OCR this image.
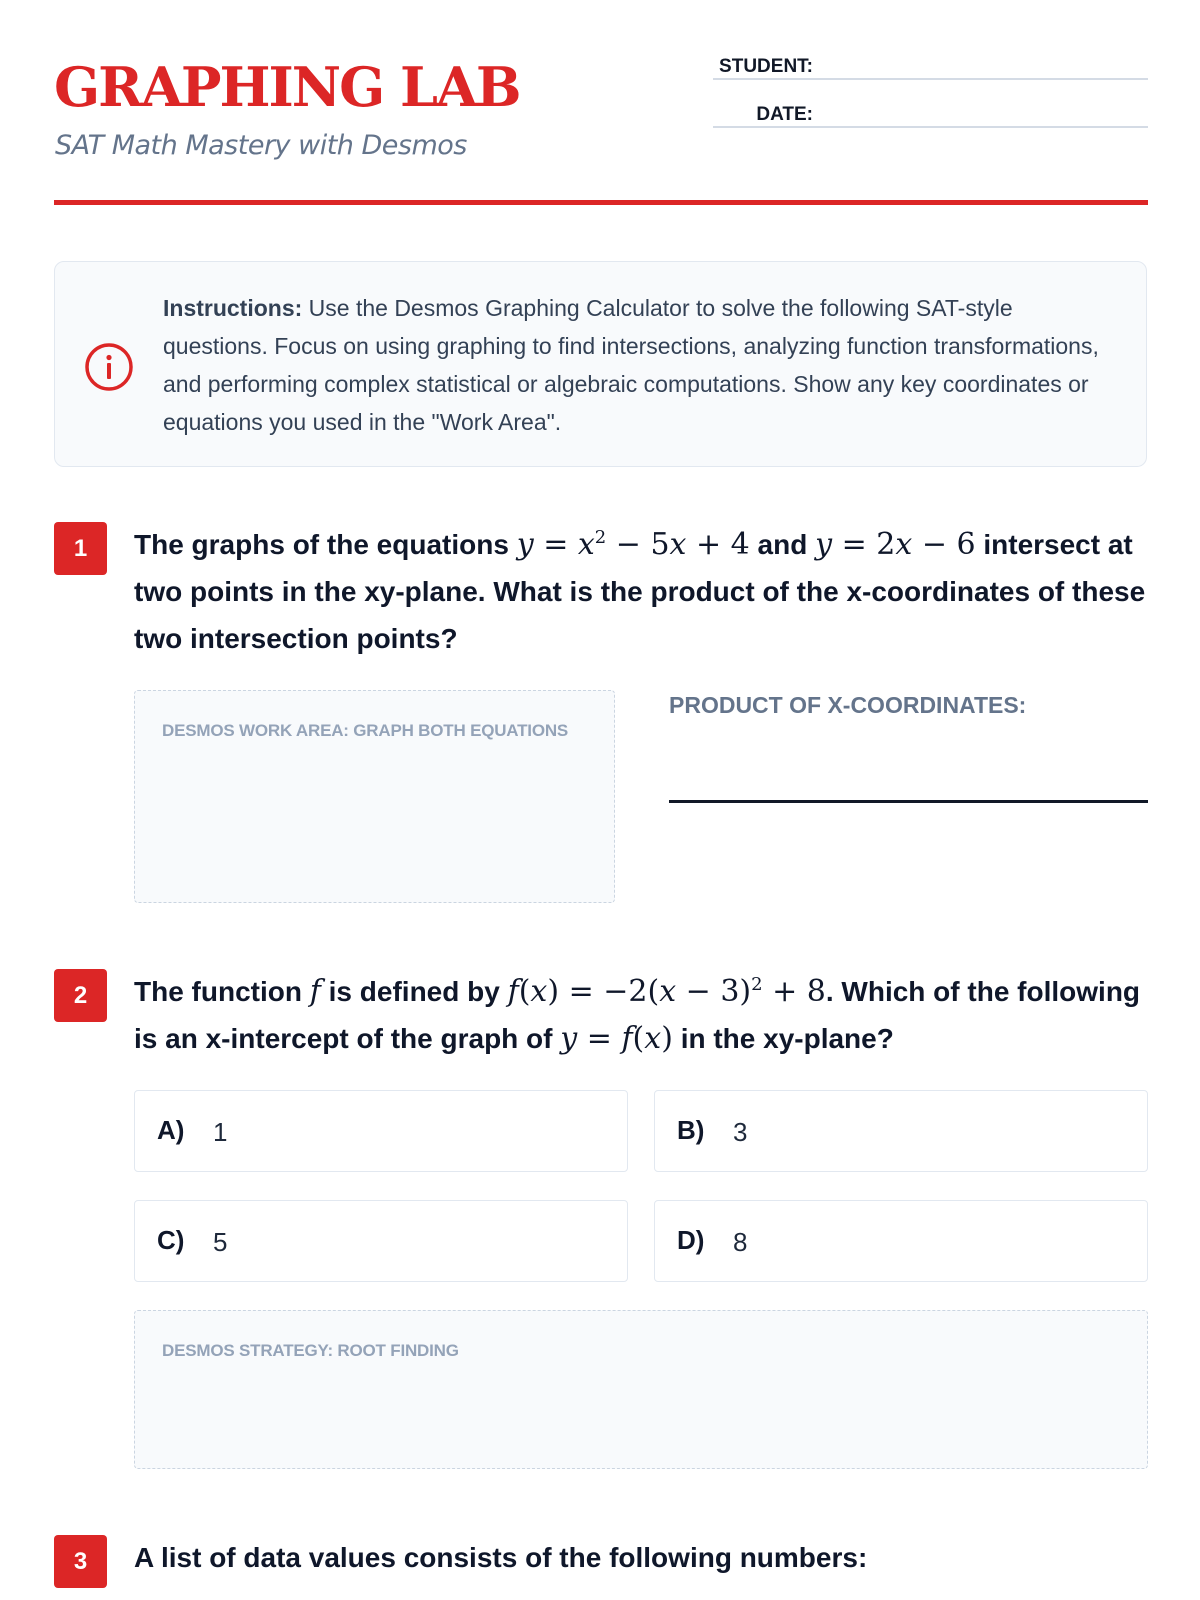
GRAPHING LAB
SAT Math Mastery with Desmos
STUDENT:
DATE:
Instructions: Use the Desmos Graphing Calculator to solve the following SAT-style questions. Focus on using graphing to find intersections, analyzing function transformations, and performing complex statistical or algebraic computations. Show any key coordinates or equations you used in the "Work Area".
1	The graphs of the equations $y = x^2 - 5x + 4$ and y = 2x − 6 intersect at two points in the xy-plane. What is the product of the x-coordinates of these two intersection points?
DESMOS WORK AREA: GRAPH BOTH EQUATIONS
PRODUCT OF X-COORDINATES:
2	The function f is defined by $f(x) = -2(x - 3)^2 + 8$. Which of the following is an x-intercept of the graph of y = f(x) in the xy-plane?
A) 1	B) 3
C) 5	D) 8
DESMOS STRATEGY: ROOT FINDING
3	A list of data values consists of the following numbers:
